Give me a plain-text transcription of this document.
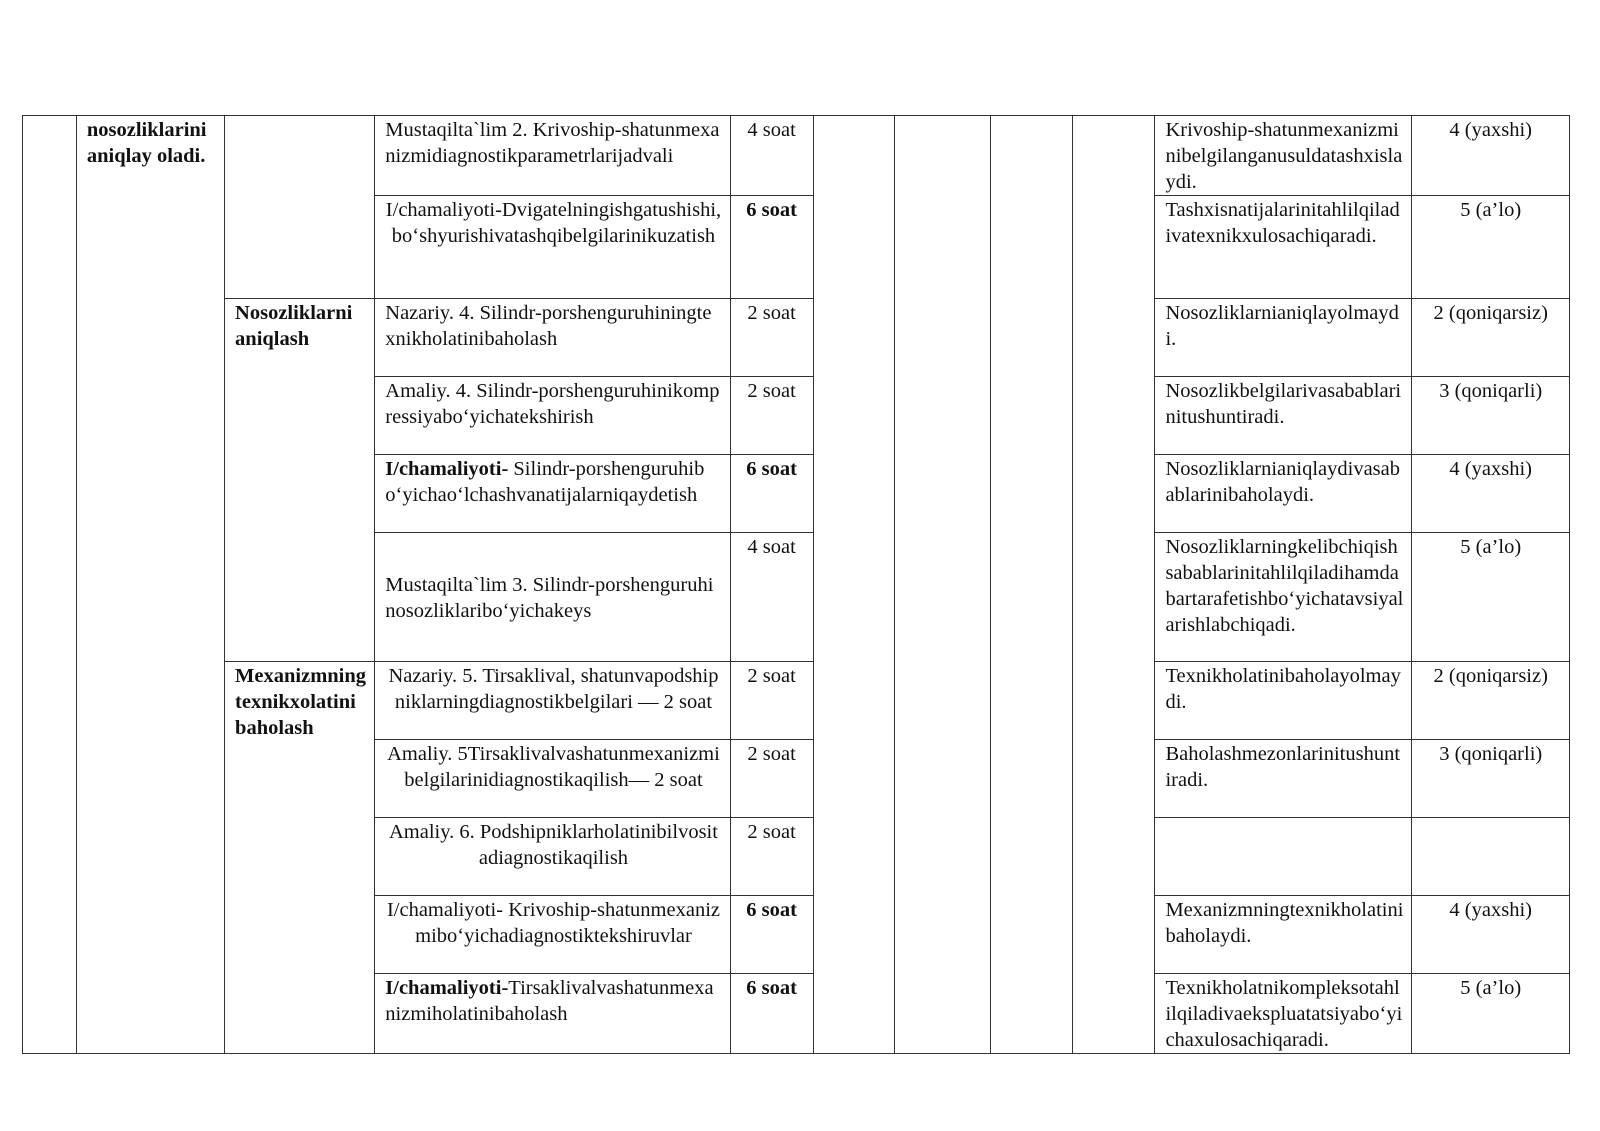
	nosozliklarini aniqlay oladi.		Mustaqilta`lim 2. Krivoship-shatunmexanizmidiagnostikparametrlarijadvali	4 soat					Krivoship-shatunmexanizminibelgilanganusuldatashxislaydi.	4 (yaxshi)
			I/chamaliyoti-Dvigatelningishgatushishi, bo‘shyurishivatashqibelgilarinikuzatish	6 soat					Tashxisnatijalarinitahlilqiladivatexnikxulosachiqaradi.	5 (a’lo)
		Nosozliklarni aniqlash	Nazariy. 4. Silindr-porshenguruhiningtexnikholatinibaholash	2 soat					Nosozliklarnianiqlayolmaydi.	2 (qoniqarsiz)
			Amaliy. 4. Silindr-porshenguruhinikompressiyabo‘yichatekshirish	2 soat					Nosozlikbelgilarivasabablarinitushuntiradi.	3 (qoniqarli)
			I/chamaliyoti- Silindr-porshenguruhibo‘yichao‘lchashvanatijalarniqaydetish	6 soat					Nosozliklarnianiqlaydivasabablarinibaholaydi.	4 (yaxshi)
			Mustaqilta`lim 3. Silindr-porshenguruhinosozliklaribo‘yichakeys	4 soat					Nosozliklarningkelibchiqishsabablarinitahlilqiladihamdabartarafetishbo‘yichatavsiyalarishlabchiqadi.	5 (a’lo)
		Mexanizmningtexnikxolatinibaholash	Nazariy. 5. Tirsaklival, shatunvapodshipniklarningdiagnostikbelgilari — 2 soat	2 soat					Texnikholatinibaholayolmaydi.	2 (qoniqarsiz)
			Amaliy. 5Tirsaklivalvashatunmexanizmibelgilarinidiagnostikaqilish— 2 soat	2 soat					Baholashmezonlarinitushuntiradi.	3 (qoniqarli)
			Amaliy. 6. Podshipniklarholatinibilvositadiagnostikaqilish	2 soat						
			I/chamaliyoti- Krivoship-shatunmexanizmibo‘yichadiagnostiktekshiruvlar	6 soat					Mexanizmningtexnikholatinibaholaydi.	4 (yaxshi)
			I/chamaliyoti-Tirsaklivalvashatunmexanizmiholatinibaholash	6 soat					Texnikholatnikompleksotahlilqiladivaekspluatatsiyabo‘yichaxulosachiqaradi.	5 (a’lo)
